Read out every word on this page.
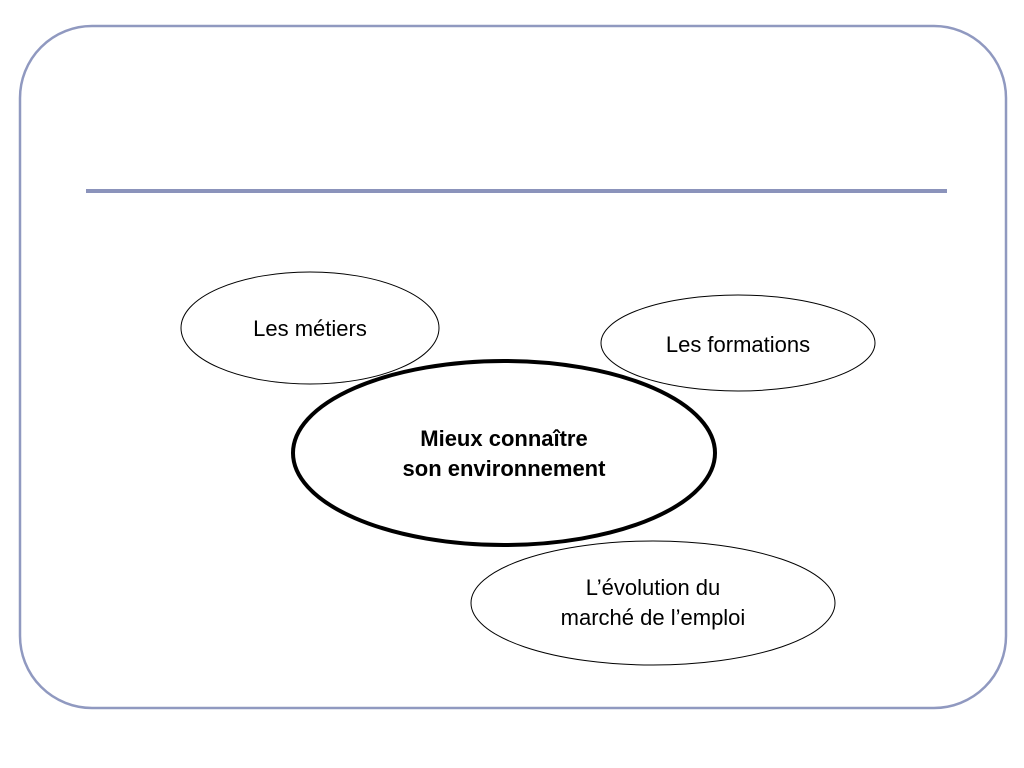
Les métiers
Les formations
Mieux connaître
son environnement
L’évolution du
marché de l’emploi
